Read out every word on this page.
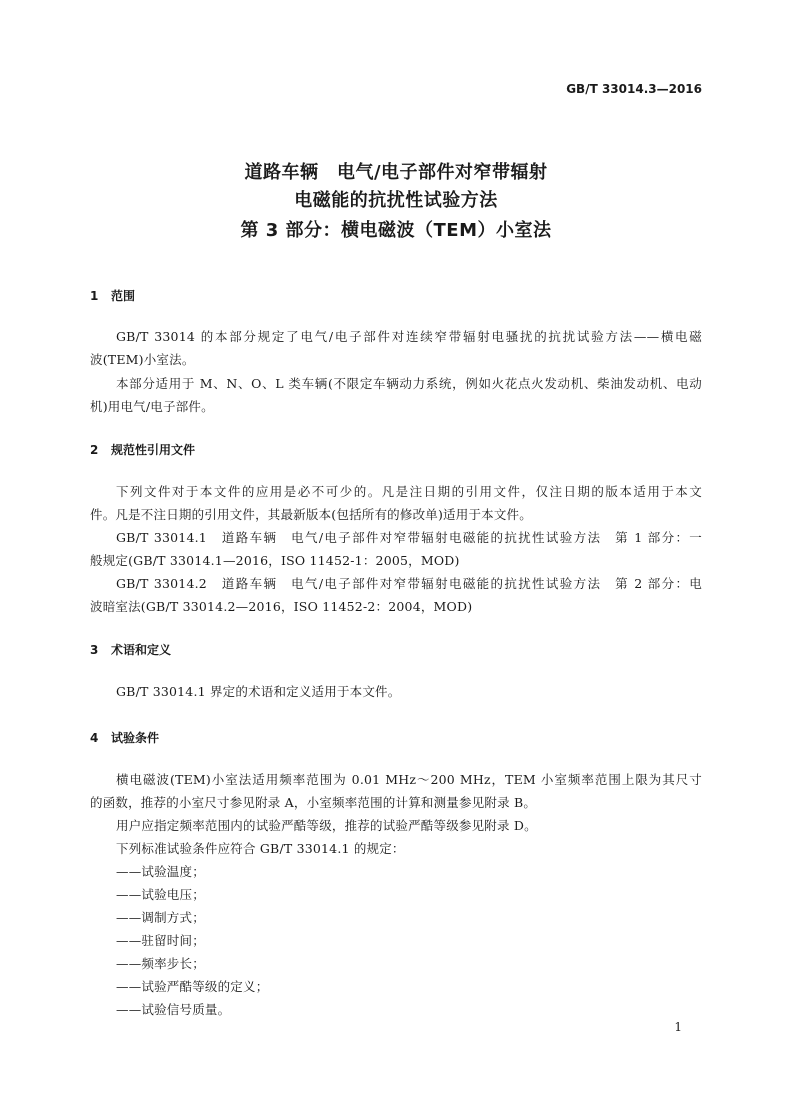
GB/T 33014.3—2016
道路车辆　电气/电子部件对窄带辐射
电磁能的抗扰性试验方法
第 3 部分：横电磁波（TEM）小室法
1 范围
GB/T 33014 的本部分规定了电气/电子部件对连续窄带辐射电骚扰的抗扰试验方法——横电磁
波(TEM)小室法。
本部分适用于 M、N、O、L 类车辆(不限定车辆动力系统，例如火花点火发动机、柴油发动机、电动
机)用电气/电子部件。
2 规范性引用文件
下列文件对于本文件的应用是必不可少的。凡是注日期的引用文件，仅注日期的版本适用于本文
件。凡是不注日期的引用文件，其最新版本(包括所有的修改单)适用于本文件。
GB/T 33014.1　道路车辆　电气/电子部件对窄带辐射电磁能的抗扰性试验方法　第 1 部分：一
般规定(GB/T 33014.1—2016，ISO 11452-1：2005，MOD)
GB/T 33014.2　道路车辆　电气/电子部件对窄带辐射电磁能的抗扰性试验方法　第 2 部分：电
波暗室法(GB/T 33014.2—2016，ISO 11452-2：2004，MOD)
3 术语和定义
GB/T 33014.1 界定的术语和定义适用于本文件。
4 试验条件
横电磁波(TEM)小室法适用频率范围为 0.01 MHz～200 MHz，TEM 小室频率范围上限为其尺寸
的函数，推荐的小室尺寸参见附录 A，小室频率范围的计算和测量参见附录 B。
用户应指定频率范围内的试验严酷等级，推荐的试验严酷等级参见附录 D。
下列标准试验条件应符合 GB/T 33014.1 的规定：
——试验温度；
——试验电压；
——调制方式；
——驻留时间；
——频率步长；
——试验严酷等级的定义；
——试验信号质量。
1
